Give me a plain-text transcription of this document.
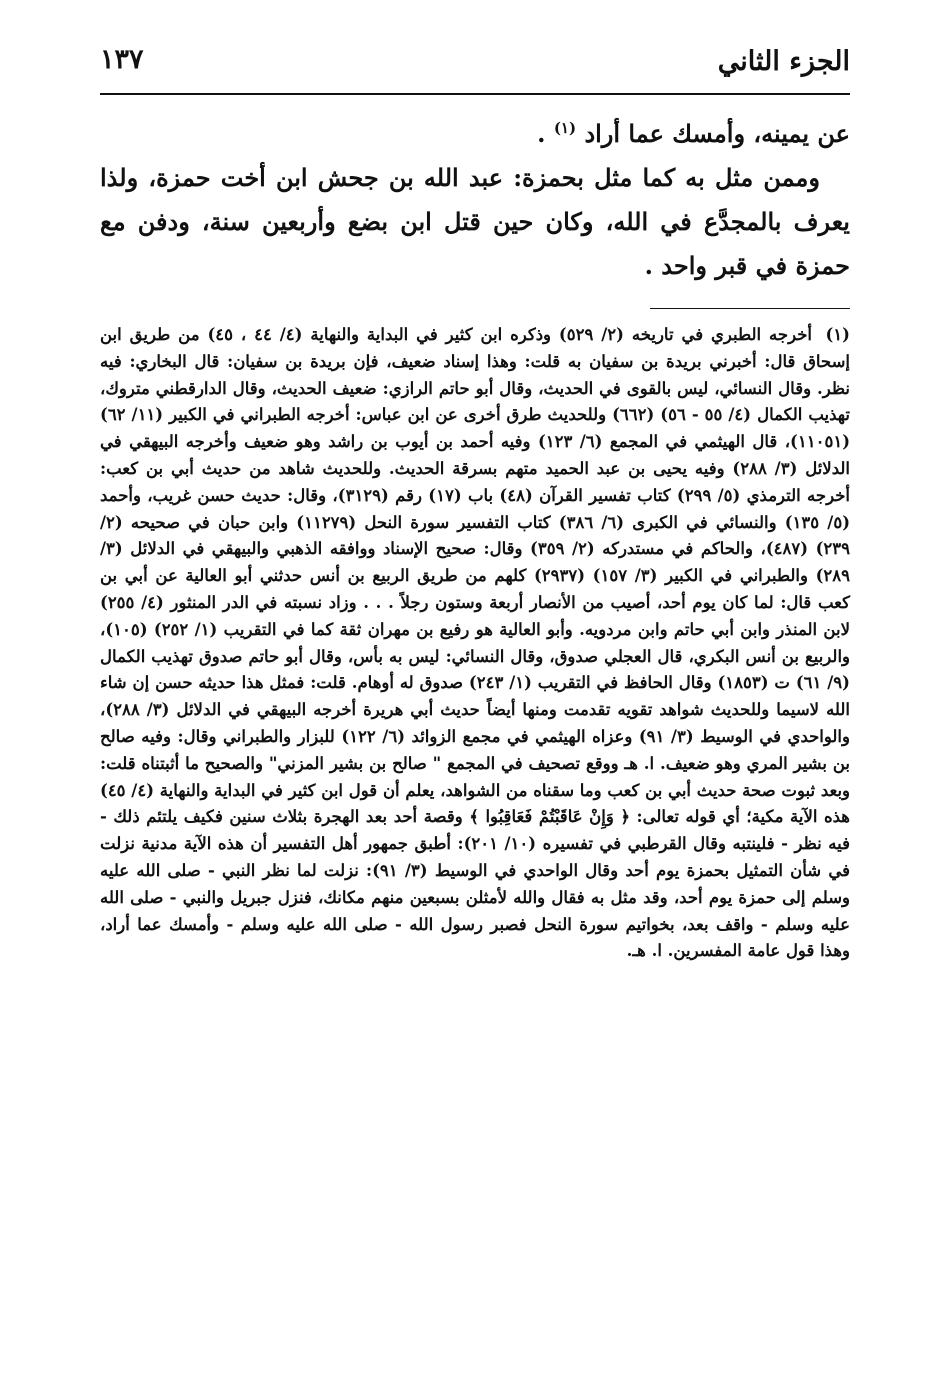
الجزء الثاني
١٣٧

عن يمينه، وأمسك عما أراد $^{(١)}$ .

وممن مثل به كما مثل بحمزة: عبد الله بن جحش ابن أخت حمزة، ولذا يعرف بالمجدَّع في الله، وكان حين قتل ابن بضع وأربعين سنة، ودفن مع حمزة في قبر واحد .

(١)أخرجه الطبري في تاريخه (٢/ ٥٢٩) وذكره ابن كثير في البداية والنهاية (٤/ ٤٤ ، ٤٥) من طريق ابن إسحاق قال: أخبرني بريدة بن سفيان به قلت: وهذا إسناد ضعيف، فإن بريدة بن سفيان: قال البخاري: فيه نظر. وقال النسائي، ليس بالقوى في الحديث، وقال أبو حاتم الرازي: ضعيف الحديث، وقال الدارقطني متروك، تهذيب الكمال (٤/ ٥٥ - ٥٦) (٦٦٢) وللحديث طرق أخرى عن ابن عباس: أخرجه الطبراني في الكبير (١١/ ٦٢) (١١٠٥١)، قال الهيثمي في المجمع (٦/ ١٢٣) وفيه أحمد بن أيوب بن راشد وهو ضعيف وأخرجه البيهقي في الدلائل (٣/ ٢٨٨) وفيه يحيى بن عبد الحميد متهم بسرقة الحديث. وللحديث شاهد من حديث أبي بن كعب: أخرجه الترمذي (٥/ ٢٩٩) كتاب تفسير القرآن (٤٨) باب (١٧) رقم (٣١٢٩)، وقال: حديث حسن غريب، وأحمد (٥/ ١٣٥) والنسائي في الكبرى (٦/ ٣٨٦) كتاب التفسير سورة النحل (١١٢٧٩) وابن حبان في صحيحه (٢/ ٢٣٩) (٤٨٧)، والحاكم في مستدركه (٢/ ٣٥٩) وقال: صحيح الإسناد ووافقه الذهبي والبيهقي في الدلائل (٣/ ٢٨٩) والطبراني في الكبير (٣/ ١٥٧) (٢٩٣٧) كلهم من طريق الربيع بن أنس حدثني أبو العالية عن أبي بن كعب قال: لما كان يوم أحد، أصيب من الأنصار أربعة وستون رجلاً . . . وزاد نسبته في الدر المنثور (٤/ ٢٥٥) لابن المنذر وابن أبي حاتم وابن مردويه. وأبو العالية هو رفيع بن مهران ثقة كما في التقريب (١/ ٢٥٢) (١٠٥)، والربيع بن أنس البكري، قال العجلي صدوق، وقال النسائي: ليس به بأس، وقال أبو حاتم صدوق تهذيب الكمال (٩/ ٦١) ت (١٨٥٣) وقال الحافظ في التقريب (١/ ٢٤٣) صدوق له أوهام. قلت: فمثل هذا حديثه حسن إن شاء الله لاسيما وللحديث شواهد تقويه تقدمت ومنها أيضاً حديث أبي هريرة أخرجه البيهقي في الدلائل (٣/ ٢٨٨)، والواحدي في الوسيط (٣/ ٩١) وعزاه الهيثمي في مجمع الزوائد (٦/ ١٢٢) للبزار والطبراني وقال: وفيه صالح بن بشير المري وهو ضعيف. ا. هـ ووقع تصحيف في المجمع " صالح بن بشير المزني" والصحيح ما أثبتناه قلت: وبعد ثبوت صحة حديث أبي بن كعب وما سقناه من الشواهد، يعلم أن قول ابن كثير في البداية والنهاية (٤/ ٤٥) هذه الآية مكية؛ أي قوله تعالى: ﴿ وَإِنْ عَاقَبْتُمْ فَعَاقِبُوا ﴾ وقصة أحد بعد الهجرة بثلاث سنين فكيف يلتئم ذلك - فيه نظر - فلينتبه وقال القرطبي في تفسيره (١٠/ ٢٠١): أطبق جمهور أهل التفسير أن هذه الآية مدنية نزلت في شأن التمثيل بحمزة يوم أحد وقال الواحدي في الوسيط (٣/ ٩١): نزلت لما نظر النبي - صلى الله عليه وسلم إلى حمزة يوم أحد، وقد مثل به فقال والله لأمثلن بسبعين منهم مكانك، فنزل جبريل والنبي - صلى الله عليه وسلم - واقف بعد، بخواتيم سورة النحل فصبر رسول الله - صلى الله عليه وسلم - وأمسك عما أراد، وهذا قول عامة المفسرين. ا. هـ.
